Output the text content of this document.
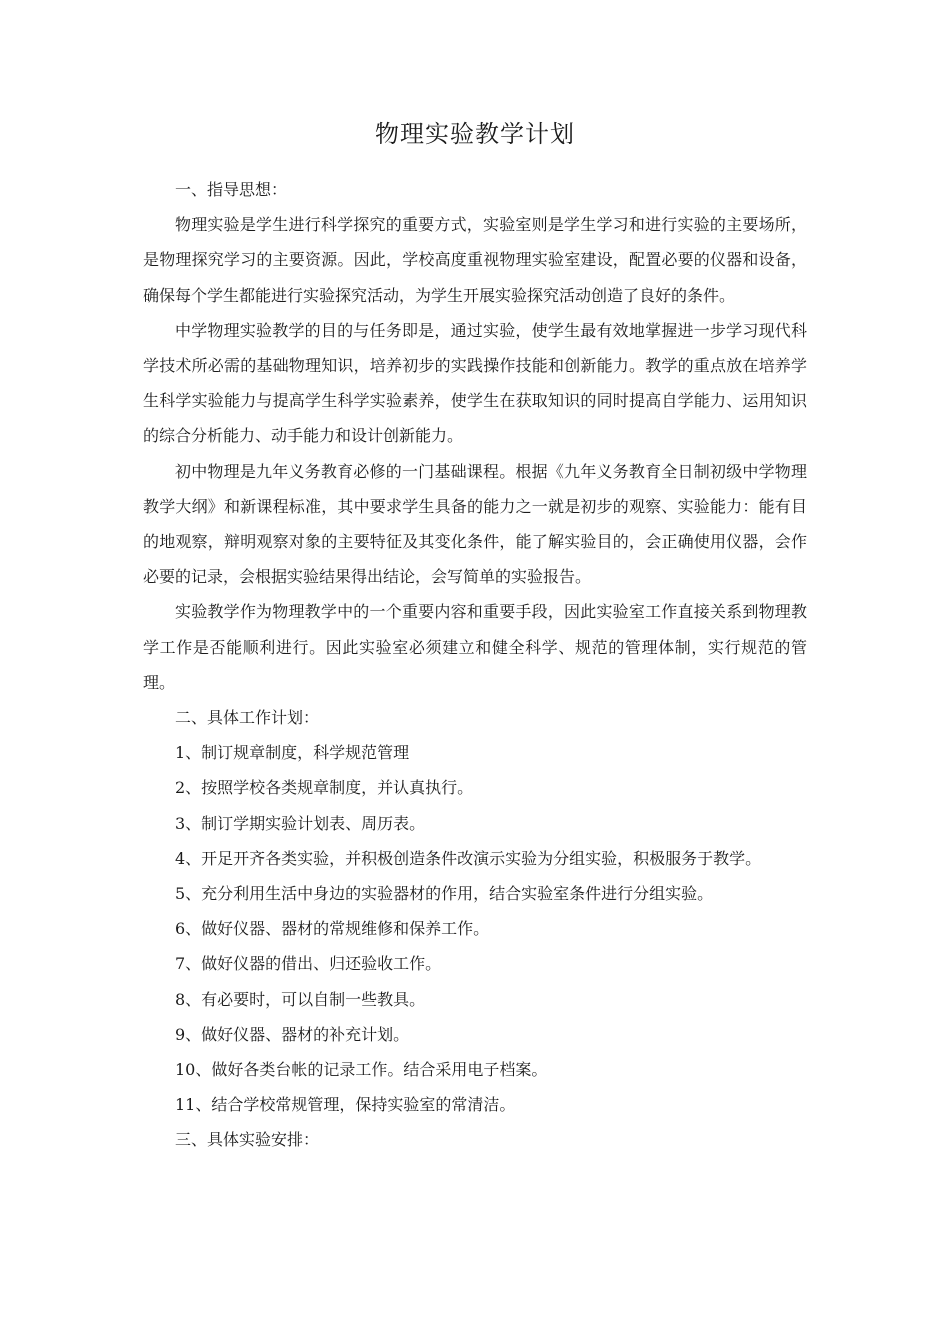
物理实验教学计划

一、指导思想：

物理实验是学生进行科学探究的重要方式，实验室则是学生学习和进行实验的主要场所，是物理探究学习的主要资源。因此，学校高度重视物理实验室建设，配置必要的仪器和设备，确保每个学生都能进行实验探究活动，为学生开展实验探究活动创造了良好的条件。

中学物理实验教学的目的与任务即是，通过实验，使学生最有效地掌握进一步学习现代科学技术所必需的基础物理知识，培养初步的实践操作技能和创新能力。教学的重点放在培养学生科学实验能力与提高学生科学实验素养，使学生在获取知识的同时提高自学能力、运用知识的综合分析能力、动手能力和设计创新能力。

初中物理是九年义务教育必修的一门基础课程。根据《九年义务教育全日制初级中学物理教学大纲》和新课程标准，其中要求学生具备的能力之一就是初步的观察、实验能力：能有目的地观察，辩明观察对象的主要特征及其变化条件，能了解实验目的，会正确使用仪器，会作必要的记录，会根据实验结果得出结论，会写简单的实验报告。

实验教学作为物理教学中的一个重要内容和重要手段，因此实验室工作直接关系到物理教学工作是否能顺利进行。因此实验室必须建立和健全科学、规范的管理体制，实行规范的管理。

二、具体工作计划：

1、制订规章制度，科学规范管理

2、按照学校各类规章制度，并认真执行。

3、制订学期实验计划表、周历表。

4、开足开齐各类实验，并积极创造条件改演示实验为分组实验，积极服务于教学。

5、充分利用生活中身边的实验器材的作用，结合实验室条件进行分组实验。

6、做好仪器、器材的常规维修和保养工作。

7、做好仪器的借出、归还验收工作。

8、有必要时，可以自制一些教具。

9、做好仪器、器材的补充计划。

10、做好各类台帐的记录工作。结合采用电子档案。

11、结合学校常规管理，保持实验室的常清洁。

三、具体实验安排：
